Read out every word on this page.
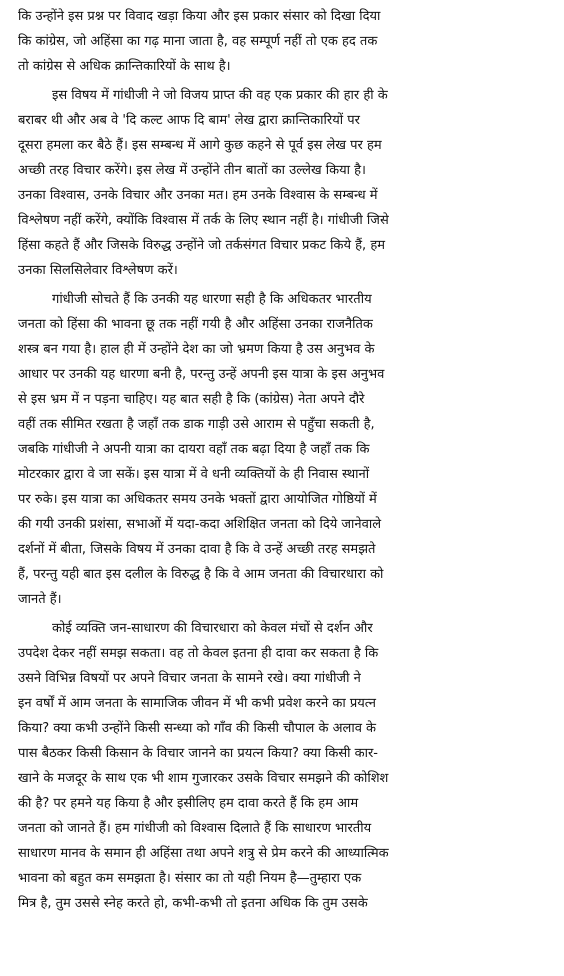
कि उन्होंने इस प्रश्न पर विवाद खड़ा किया और इस प्रकार संसार को दिखा दिया
कि कांग्रेस, जो अहिंसा का गढ़ माना जाता है, वह सम्पूर्ण नहीं तो एक हद तक
तो कांग्रेस से अधिक क्रान्तिकारियों के साथ है।
इस विषय में गांधीजी ने जो विजय प्राप्त की वह एक प्रकार की हार ही के
बराबर थी और अब वे 'दि कल्ट आफ दि बाम' लेख द्वारा क्रान्तिकारियों पर
दूसरा हमला कर बैठे हैं। इस सम्बन्ध में आगे कुछ कहने से पूर्व इस लेख पर हम
अच्छी तरह विचार करेंगे। इस लेख में उन्होंने तीन बातों का उल्लेख किया है।
उनका विश्वास, उनके विचार और उनका मत। हम उनके विश्वास के सम्बन्ध में
विश्लेषण नहीं करेंगे, क्योंकि विश्वास में तर्क के लिए स्थान नहीं है। गांधीजी जिसे
हिंसा कहते हैं और जिसके विरुद्ध उन्होंने जो तर्कसंगत विचार प्रकट किये हैं, हम
उनका सिलसिलेवार विश्लेषण करें।
गांधीजी सोचते हैं कि उनकी यह धारणा सही है कि अधिकतर भारतीय
जनता को हिंसा की भावना छू तक नहीं गयी है और अहिंसा उनका राजनैतिक
शस्त्र बन गया है। हाल ही में उन्होंने देश का जो भ्रमण किया है उस अनुभव के
आधार पर उनकी यह धारणा बनी है, परन्तु उन्हें अपनी इस यात्रा के इस अनुभव
से इस भ्रम में न पड़ना चाहिए। यह बात सही है कि (कांग्रेस) नेता अपने दौरे
वहीं तक सीमित रखता है जहाँ तक डाक गाड़ी उसे आराम से पहुँचा सकती है,
जबकि गांधीजी ने अपनी यात्रा का दायरा वहाँ तक बढ़ा दिया है जहाँ तक कि
मोटरकार द्वारा वे जा सकें। इस यात्रा में वे धनी व्यक्तियों के ही निवास स्थानों
पर रुके। इस यात्रा का अधिकतर समय उनके भक्तों द्वारा आयोजित गोष्ठियों में
की गयी उनकी प्रशंसा, सभाओं में यदा-कदा अशिक्षित जनता को दिये जानेवाले
दर्शनों में बीता, जिसके विषय में उनका दावा है कि वे उन्हें अच्छी तरह समझते
हैं, परन्तु यही बात इस दलील के विरुद्ध है कि वे आम जनता की विचारधारा को
जानते हैं।
कोई व्यक्ति जन-साधारण की विचारधारा को केवल मंचों से दर्शन और
उपदेश देकर नहीं समझ सकता। वह तो केवल इतना ही दावा कर सकता है कि
उसने विभिन्न विषयों पर अपने विचार जनता के सामने रखे। क्या गांधीजी ने
इन वर्षों में आम जनता के सामाजिक जीवन में भी कभी प्रवेश करने का प्रयत्न
किया? क्या कभी उन्होंने किसी सन्ध्या को गाँव की किसी चौपाल के अलाव के
पास बैठकर किसी किसान के विचार जानने का प्रयत्न किया? क्या किसी कार-
खाने के मजदूर के साथ एक भी शाम गुजारकर उसके विचार समझने की कोशिश
की है? पर हमने यह किया है और इसीलिए हम दावा करते हैं कि हम आम
जनता को जानते हैं। हम गांधीजी को विश्वास दिलाते हैं कि साधारण भारतीय
साधारण मानव के समान ही अहिंसा तथा अपने शत्रु से प्रेम करने की आध्यात्मिक
भावना को बहुत कम समझता है। संसार का तो यही नियम है—तुम्हारा एक
मित्र है, तुम उससे स्नेह करते हो, कभी-कभी तो इतना अधिक कि तुम उसके
